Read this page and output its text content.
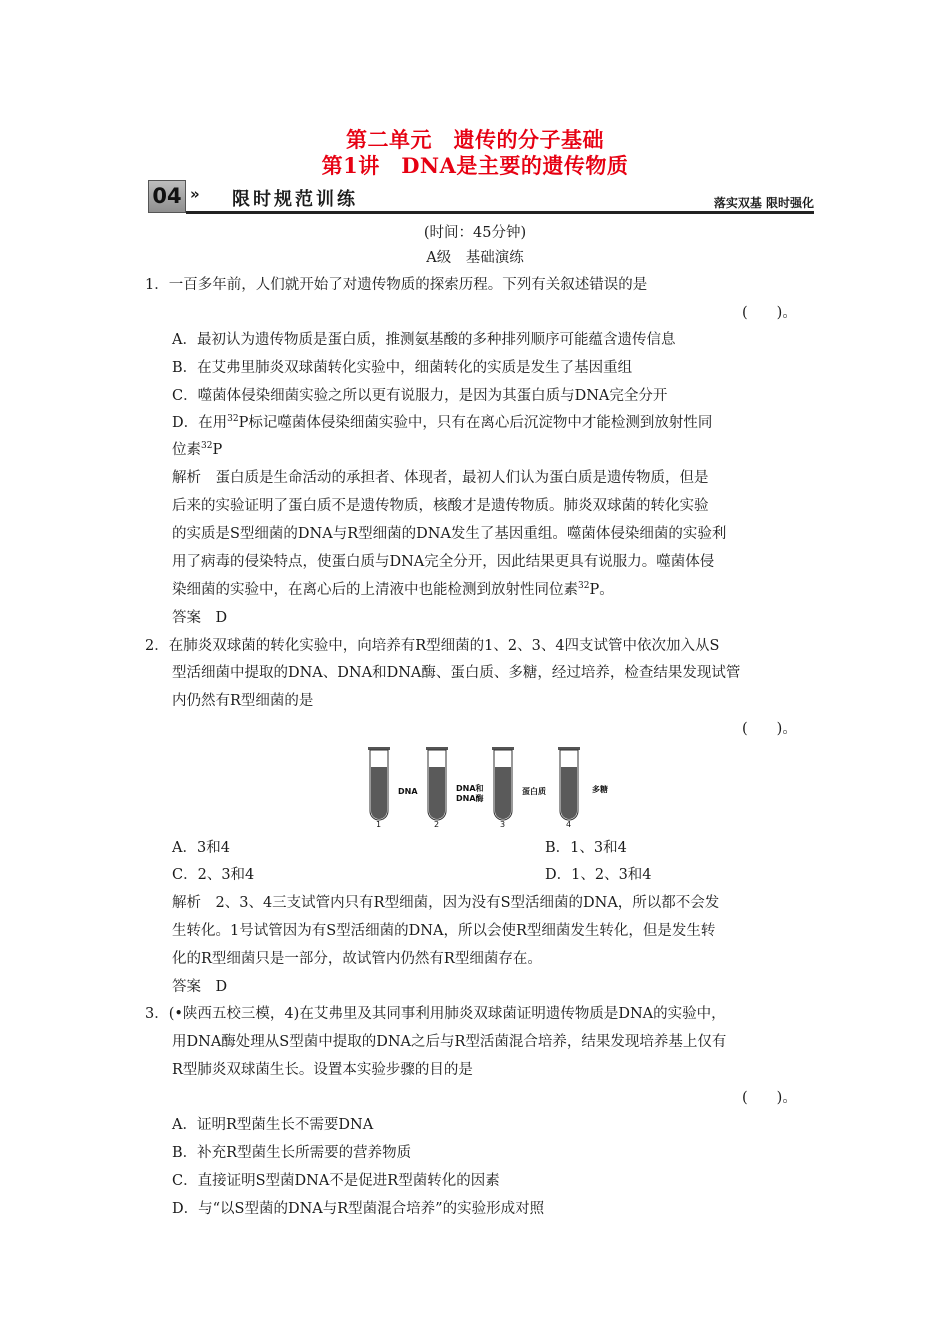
第二单元　遗传的分子基础
第1讲　DNA是主要的遗传物质
04 » 限时规范训练	落实双基 限时强化
(时间：45分钟)
A级　基础演练
1．一百多年前，人们就开始了对遗传物质的探索历程。下列有关叙述错误的是
(　　)。
A．最初认为遗传物质是蛋白质，推测氨基酸的多种排列顺序可能蕴含遗传信息
B．在艾弗里肺炎双球菌转化实验中，细菌转化的实质是发生了基因重组
C．噬菌体侵染细菌实验之所以更有说服力，是因为其蛋白质与DNA完全分开
D．在用$^{32}$P标记噬菌体侵染细菌实验中，只有在离心后沉淀物中才能检测到放射性同
位素$^{32}$P
解析　蛋白质是生命活动的承担者、体现者，最初人们认为蛋白质是遗传物质，但是
后来的实验证明了蛋白质不是遗传物质，核酸才是遗传物质。肺炎双球菌的转化实验
的实质是S型细菌的DNA与R型细菌的DNA发生了基因重组。噬菌体侵染细菌的实验利
用了病毒的侵染特点，使蛋白质与DNA完全分开，因此结果更具有说服力。噬菌体侵
染细菌的实验中，在离心后的上清液中也能检测到放射性同位素$^{32}$P。
答案　D
2．在肺炎双球菌的转化实验中，向培养有R型细菌的1、2、3、4四支试管中依次加入从S
型活细菌中提取的DNA、DNA和DNA酶、蛋白质、多糖，经过培养，检查结果发现试管
内仍然有R型细菌的是
(　　)。
DNA
1
DNA和
DNA酶
2
蛋白质
3
多糖
4
A．3和4	B．1、3和4
C．2、3和4	D．1、2、3和4
解析　2、3、4三支试管内只有R型细菌，因为没有S型活细菌的DNA，所以都不会发
生转化。1号试管因为有S型活细菌的DNA，所以会使R型细菌发生转化，但是发生转
化的R型细菌只是一部分，故试管内仍然有R型细菌存在。
答案　D
3．(•陕西五校三模，4)在艾弗里及其同事利用肺炎双球菌证明遗传物质是DNA的实验中，
用DNA酶处理从S型菌中提取的DNA之后与R型活菌混合培养，结果发现培养基上仅有
R型肺炎双球菌生长。设置本实验步骤的目的是
(　　)。
A．证明R型菌生长不需要DNA
B．补充R型菌生长所需要的营养物质
C．直接证明S型菌DNA不是促进R型菌转化的因素
D．与“以S型菌的DNA与R型菌混合培养”的实验形成对照
